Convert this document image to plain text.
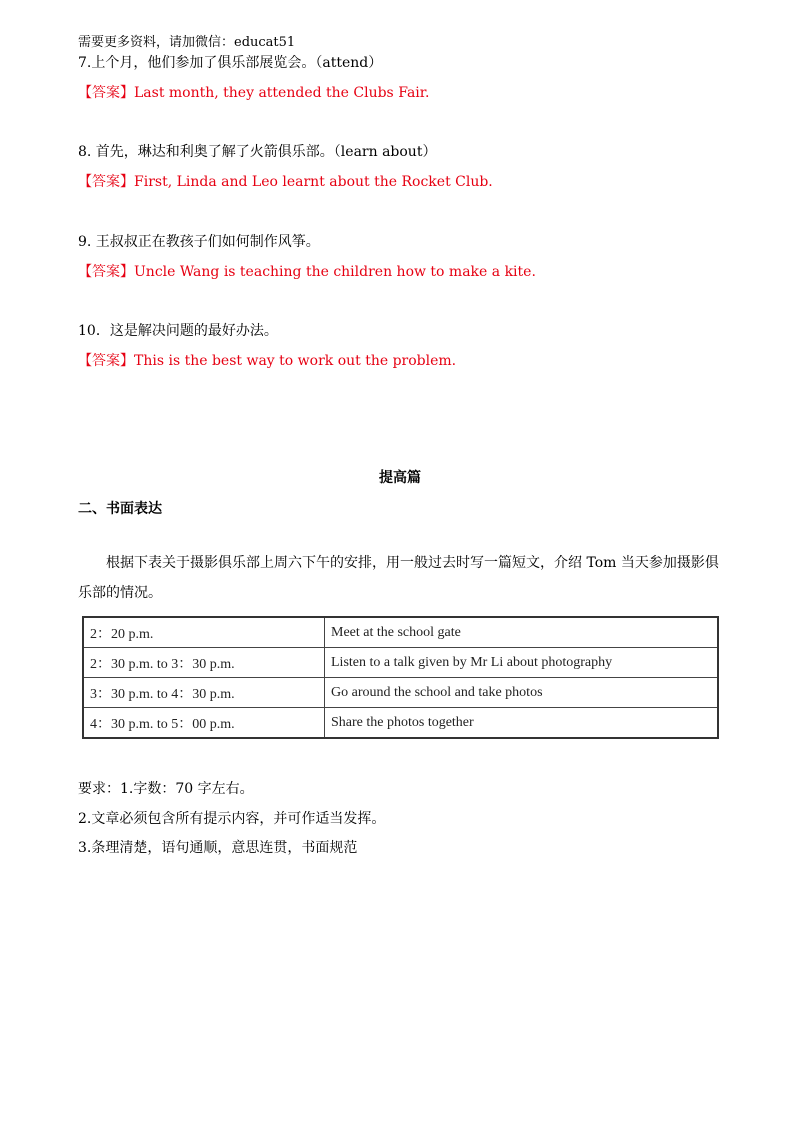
需要更多资料，请加微信：educat51
7.上个月，他们参加了俱乐部展览会。（attend）
【答案】Last month, they attended the Clubs Fair.
8. 首先，琳达和利奥了解了火箭俱乐部。（learn about）
【答案】First, Linda and Leo learnt about the Rocket Club.
9. 王叔叔正在教孩子们如何制作风筝。
【答案】Uncle Wang is teaching the children how to make a kite.
10．这是解决问题的最好办法。
【答案】This is the best way to work out the problem.
提高篇
二、书面表达
根据下表关于摄影俱乐部上周六下午的安排，用一般过去时写一篇短文，介绍 Tom 当天参加摄影俱乐部的情况。
2：20 p.m.	Meet at the school gate
2：30 p.m. to 3：30 p.m.	Listen to a talk given by Mr Li about photography
3：30 p.m. to 4：30 p.m.	Go around the school and take photos
4：30 p.m. to 5：00 p.m.	Share the photos together
要求：1.字数：70 字左右。
2.文章必须包含所有提示内容，并可作适当发挥。
3.条理清楚，语句通顺，意思连贯，书面规范
